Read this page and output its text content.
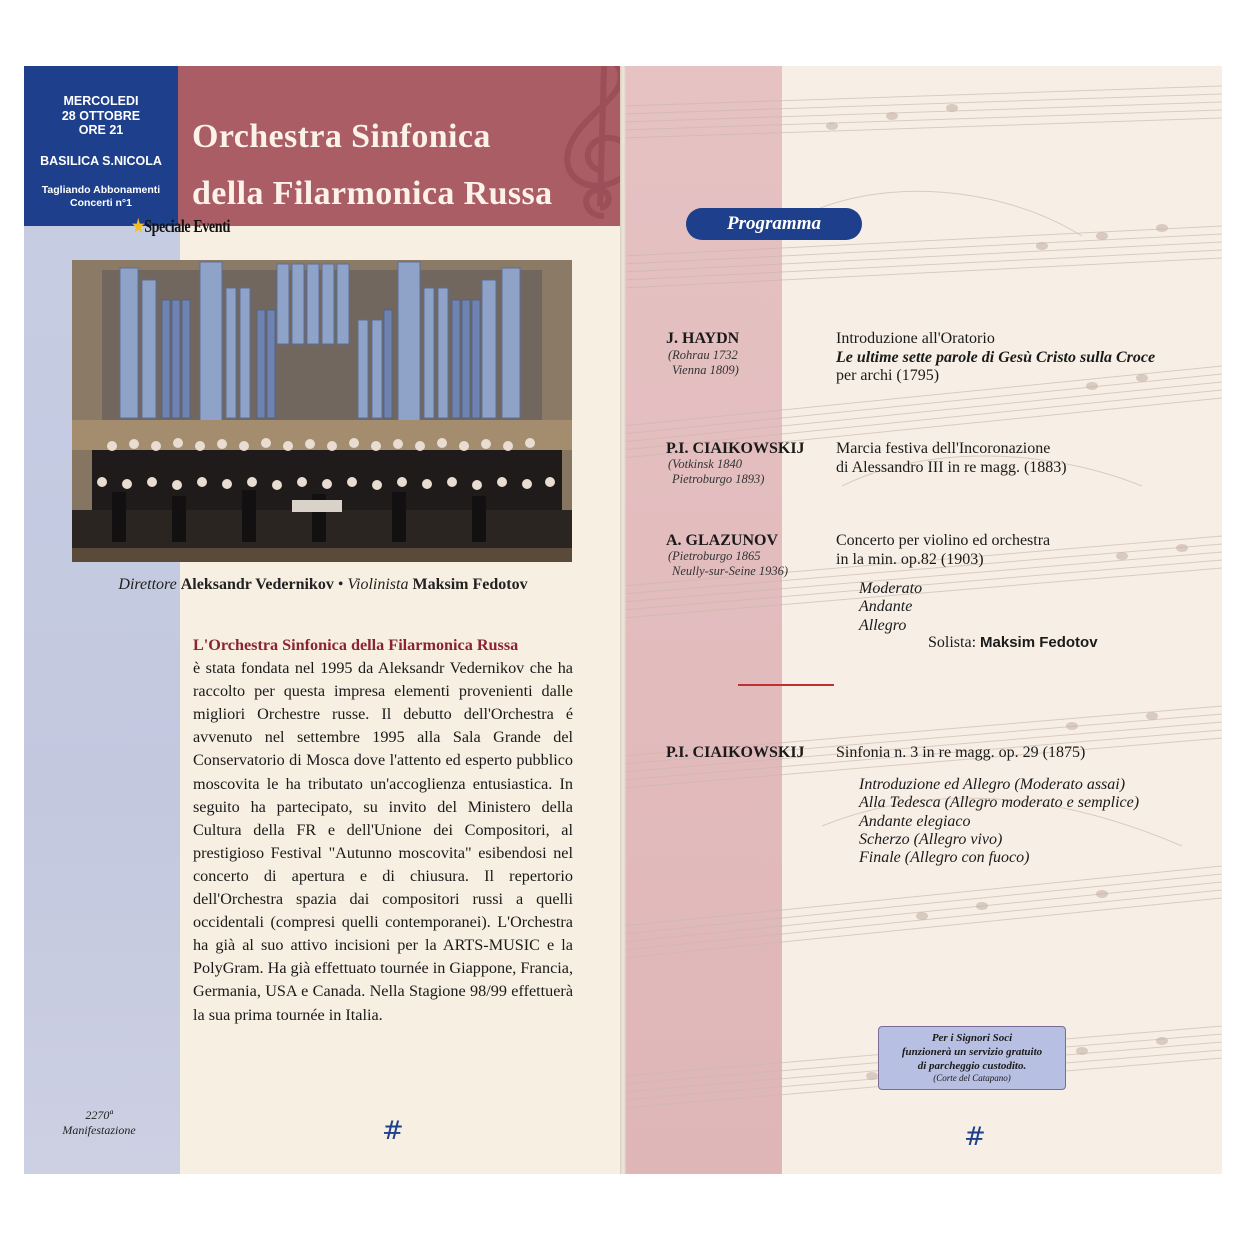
MERCOLEDI
28 OTTOBRE
ORE 21
BASILICA S.NICOLA
Tagliando Abbonamenti
Concerti n°1
Orchestra Sinfonica
della Filarmonica Russa
★Speciale Eventi
Direttore Aleksandr Vedernikov • Violinista Maksim Fedotov
L'Orchestra Sinfonica della Filarmonica Russa
è stata fondata nel 1995 da Aleksandr Vedernikov che ha raccolto per questa impresa elementi provenienti dalle migliori Orchestre russe. Il debutto dell'Orchestra é avvenuto nel settembre 1995 alla Sala Grande del Conservatorio di Mosca dove l'attento ed esperto pubblico moscovita le ha tributato un'accoglienza entusiastica. In seguito ha partecipato, su invito del Ministero della Cultura della FR e dell'Unione dei Compositori, al prestigioso Festival "Autunno moscovita" esibendosi nel concerto di apertura e di chiusura. Il repertorio dell'Orchestra spazia dai compositori russi a quelli occidentali (compresi quelli contemporanei). L'Orchestra ha già al suo attivo incisioni per la ARTS-MUSIC e la PolyGram. Ha già effettuato tournée in Giappone, Francia, Germania, USA e Canada. Nella Stagione 98/99 effettuerà la sua prima tournée in Italia.
2270ª
Manifestazione	#
Programma
J. HAYDN
(Rohrau 1732
Vienna 1809)
Introduzione all'Oratorio
Le ultime sette parole di Gesù Cristo sulla Croce
per archi (1795)
P.I. CIAIKOWSKIJ
(Votkinsk 1840
Pietroburgo 1893)
Marcia festiva dell'Incoronazione
di Alessandro III in re magg. (1883)
A. GLAZUNOV
(Pietroburgo 1865
Neully-sur-Seine 1936)
Concerto per violino ed orchestra
in la min. op.82 (1903)
Moderato
Andante
Allegro
Solista: Maksim Fedotov
P.I. CIAIKOWSKIJ Sinfonia n. 3 in re magg. op. 29 (1875)
Introduzione ed Allegro (Moderato assai)
Alla Tedesca (Allegro moderato e semplice)
Andante elegiaco
Scherzo (Allegro vivo)
Finale (Allegro con fuoco)
Per i Signori Soci
funzionerà un servizio gratuito
di parcheggio custodito.
(Corte del Catapano)
#
